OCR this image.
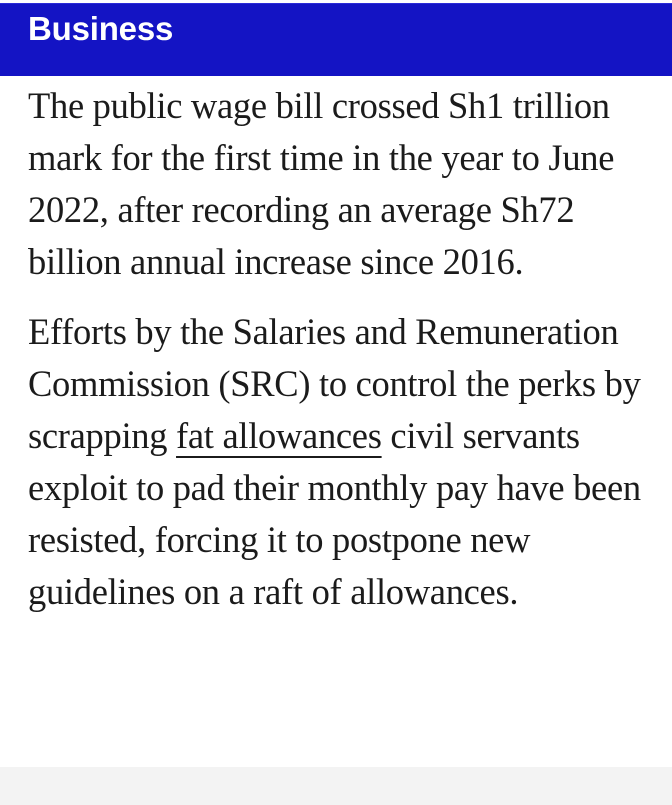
Business

The public wage bill crossed Sh1 trillion mark for the first time in the year to June 2022, after recording an average Sh72 billion annual increase since 2016.

Efforts by the Salaries and Remuneration Commission (SRC) to control the perks by scrapping fat allowances civil servants exploit to pad their monthly pay have been resisted, forcing it to postpone new guidelines on a raft of allowances.
